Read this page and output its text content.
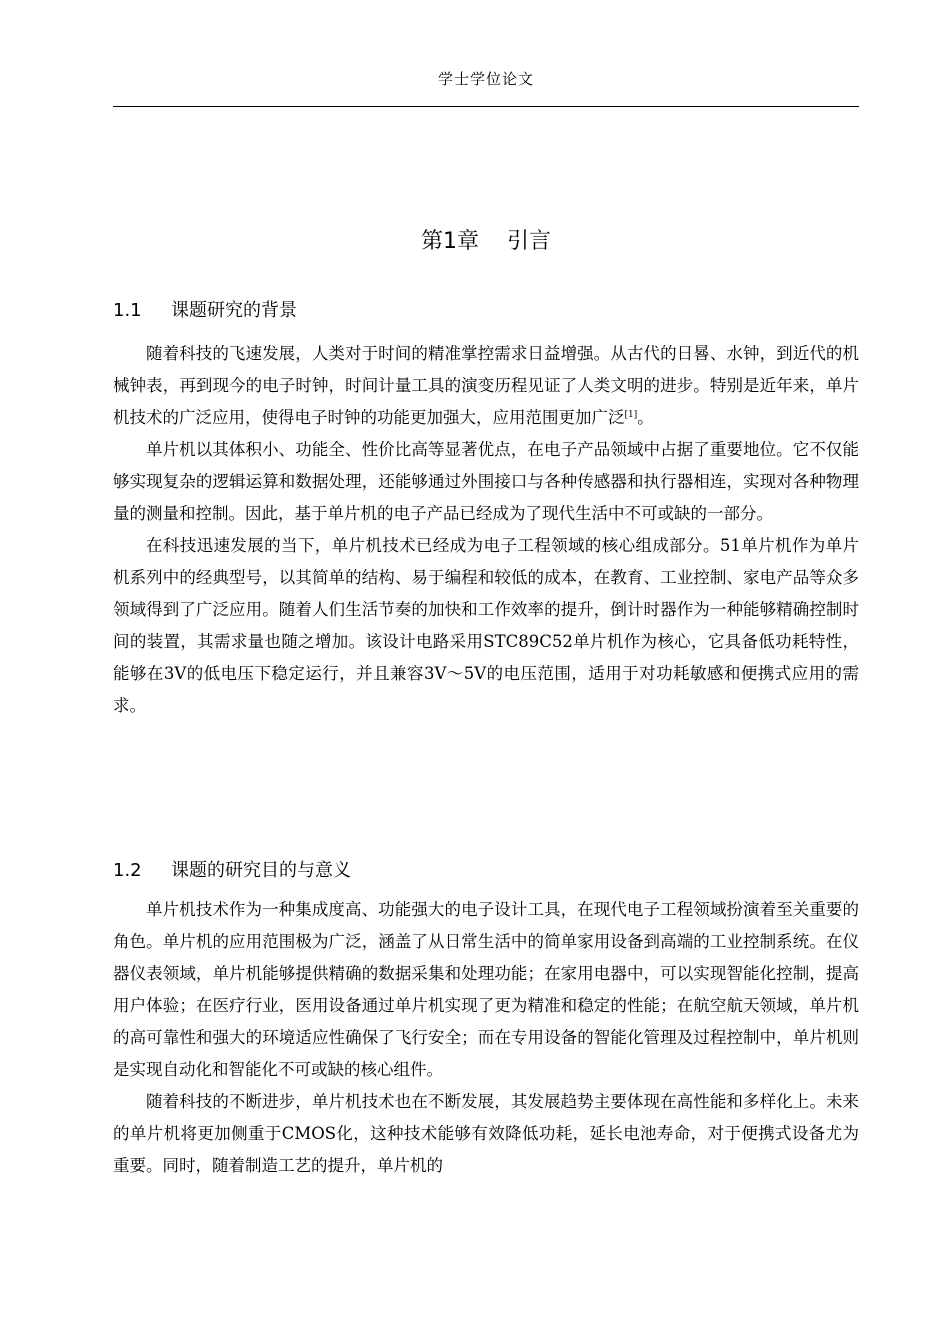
学士学位论文
第1章 引言
1.1 课题研究的背景

随着科技的飞速发展，人类对于时间的精准掌控需求日益增强。从古代的日晷、水钟，到近代的机械钟表，再到现今的电子时钟，时间计量工具的演变历程见证了人类文明的进步。特别是近年来，单片机技术的广泛应用，使得电子时钟的功能更加强大，应用范围更加广泛[1]。

单片机以其体积小、功能全、性价比高等显著优点，在电子产品领域中占据了重要地位。它不仅能够实现复杂的逻辑运算和数据处理，还能够通过外围接口与各种传感器和执行器相连，实现对各种物理量的测量和控制。因此，基于单片机的电子产品已经成为了现代生活中不可或缺的一部分。

在科技迅速发展的当下，单片机技术已经成为电子工程领域的核心组成部分。51单片机作为单片机系列中的经典型号，以其简单的结构、易于编程和较低的成本，在教育、工业控制、家电产品等众多领域得到了广泛应用。随着人们生活节奏的加快和工作效率的提升，倒计时器作为一种能够精确控制时间的装置，其需求量也随之增加。该设计电路采用STC89C52单片机作为核心，它具备低功耗特性，能够在3V的低电压下稳定运行，并且兼容3V～5V的电压范围，适用于对功耗敏感和便携式应用的需求。

1.2 课题的研究目的与意义

单片机技术作为一种集成度高、功能强大的电子设计工具，在现代电子工程领域扮演着至关重要的角色。单片机的应用范围极为广泛，涵盖了从日常生活中的简单家用设备到高端的工业控制系统。在仪器仪表领域，单片机能够提供精确的数据采集和处理功能；在家用电器中，可以实现智能化控制，提高用户体验；在医疗行业，医用设备通过单片机实现了更为精准和稳定的性能；在航空航天领域，单片机的高可靠性和强大的环境适应性确保了飞行安全；而在专用设备的智能化管理及过程控制中，单片机则是实现自动化和智能化不可或缺的核心组件。

随着科技的不断进步，单片机技术也在不断发展，其发展趋势主要体现在高性能和多样化上。未来的单片机将更加侧重于CMOS化，这种技术能够有效降低功耗，延长电池寿命，对于便携式设备尤为重要。同时，随着制造工艺的提升，单片机的
